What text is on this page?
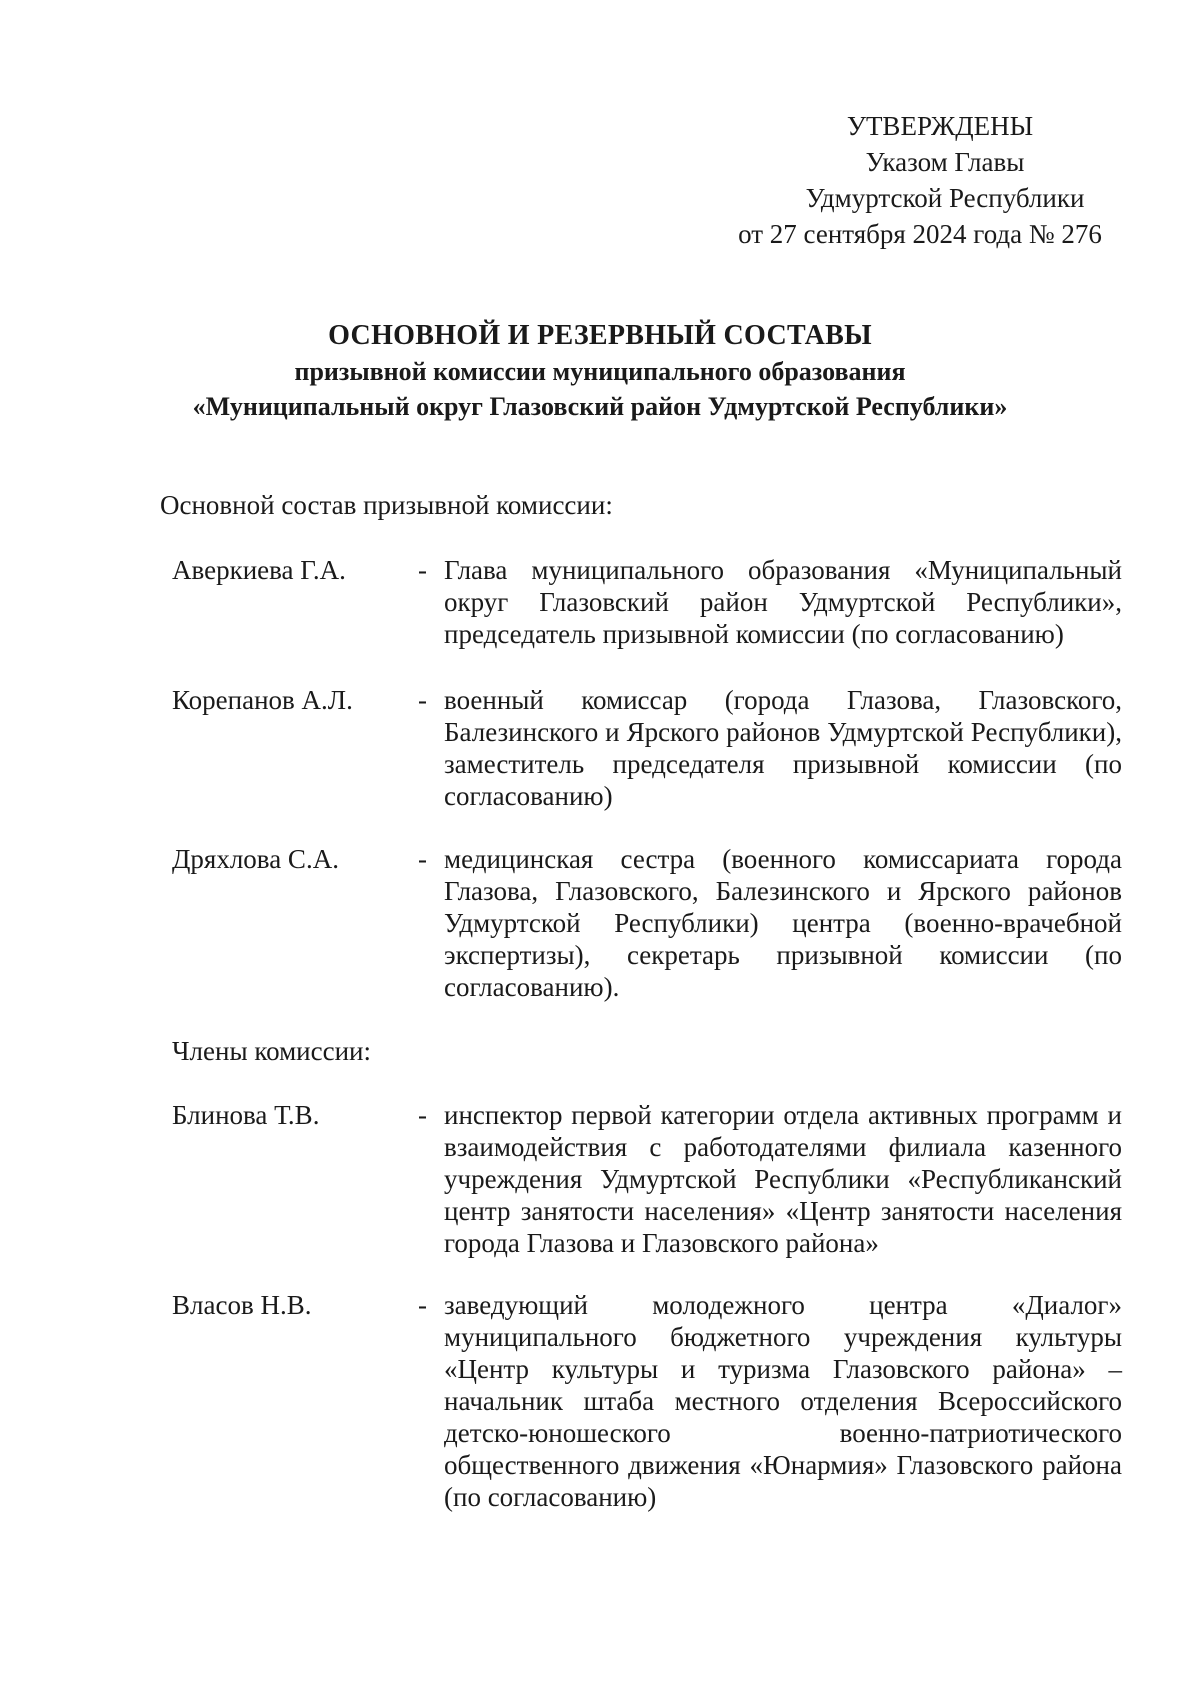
УТВЕРЖДЕНЫ
Указом Главы
Удмуртской Республики
от 27 сентября 2024 года № 276
ОСНОВНОЙ И РЕЗЕРВНЫЙ СОСТАВЫ
призывной комиссии муниципального образования
«Муниципальный округ Глазовский район Удмуртской Республики»
Основной состав призывной комиссии:
Аверкиева Г.А.	- Глава муниципального образования «Муниципальный округ Глазовский район Удмуртской Республики», председатель призывной комиссии (по согласованию)
Корепанов А.Л. - военный комиссар (города Глазова, Глазовского, Балезинского и Ярского районов Удмуртской Республики), заместитель председателя призывной комиссии (по согласованию)
Дряхлова С.А.	- медицинская сестра (военного комиссариата города Глазова, Глазовского, Балезинского и Ярского районов Удмуртской Республики) центра (военно-врачебной экспертизы), секретарь призывной комиссии (по согласованию).
Члены комиссии:
Блинова Т.В.	- инспектор первой категории отдела активных программ и взаимодействия с работодателями филиала казенного учреждения Удмуртской Республики «Республиканский центр занятости населения» «Центр занятости населения города Глазова и Глазовского района»
Власов Н.В.	- заведующий молодежного центра «Диалог» муниципального бюджетного учреждения культуры «Центр культуры и туризма Глазовского района» – начальник штаба местного отделения Всероссийского детско-юношеского военно-патриотического общественного движения «Юнармия» Глазовского района (по согласованию)
